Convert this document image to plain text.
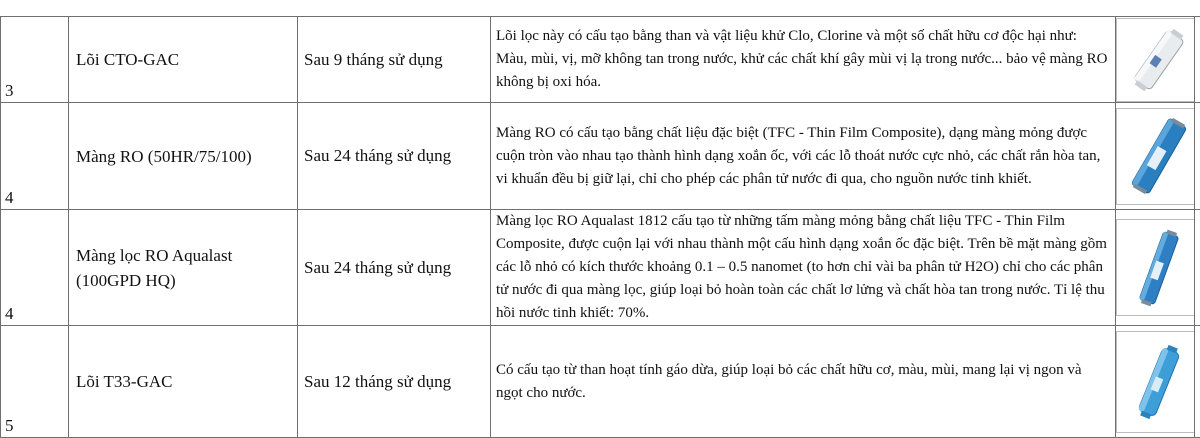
3	Lõi CTO-GAC	Sau 9 tháng sử dụng	Lõi lọc này có cấu tạo bằng than và vật liệu khử Clo, Clorine và một số chất hữu cơ độc hại như: Màu, mùi, vị, mỡ không tan trong nước, khử các chất khí gây mùi vị lạ trong nước... bảo vệ màng RO không bị oxi hóa.	

4	Màng RO (50HR/75/100)	Sau 24 tháng sử dụng	Màng RO có cấu tạo bằng chất liệu đặc biệt (TFC - Thin Film Composite), dạng màng mỏng được cuộn tròn vào nhau tạo thành hình dạng xoắn ốc, với các lỗ thoát nước cực nhỏ, các chất rắn hòa tan, vi khuẩn đều bị giữ lại, chỉ cho phép các phân tử nước đi qua, cho nguồn nước tinh khiết.	

4	Màng lọc RO Aqualast (100GPD HQ)	Sau 24 tháng sử dụng	Màng lọc RO Aqualast 1812 cấu tạo từ những tấm màng mỏng bằng chất liệu TFC - Thin Film Composite, được cuộn lại với nhau thành một cấu hình dạng xoắn ốc đặc biệt. Trên bề mặt màng gồm các lỗ nhỏ có kích thước khoảng 0.1 – 0.5 nanomet (to hơn chỉ vài ba phân tử H2O) chỉ cho các phân tử nước đi qua màng lọc, giúp loại bỏ hoàn toàn các chất lơ lửng và chất hòa tan trong nước. Tỉ lệ thu hồi nước tinh khiết: 70%.	

5	Lõi T33-GAC	Sau 12 tháng sử dụng	Có cấu tạo từ than hoạt tính gáo dừa, giúp loại bỏ các chất hữu cơ, màu, mùi, mang lại vị ngon và ngọt cho nước.	
